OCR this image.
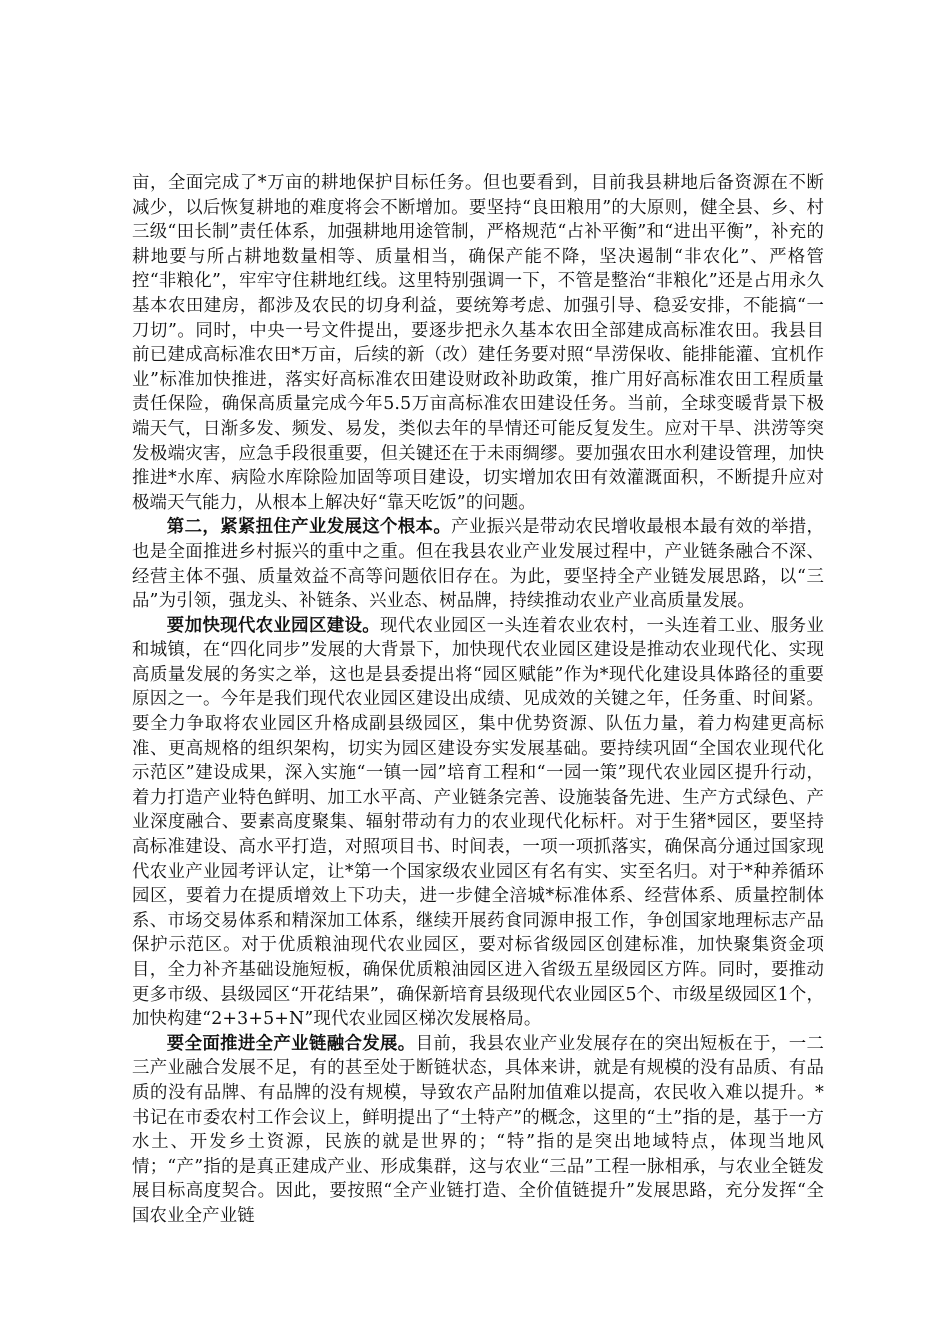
亩，全面完成了*万亩的耕地保护目标任务。但也要看到，目前我县耕地后备资源在不断减少，以后恢复耕地的难度将会不断增加。要坚持“良田粮用”的大原则，健全县、乡、村三级“田长制”责任体系，加强耕地用途管制，严格规范“占补平衡”和“进出平衡”，补充的耕地要与所占耕地数量相等、质量相当，确保产能不降，坚决遏制“非农化”、严格管控“非粮化”，牢牢守住耕地红线。这里特别强调一下，不管是整治“非粮化”还是占用永久基本农田建房，都涉及农民的切身利益，要统筹考虑、加强引导、稳妥安排，不能搞“一刀切”。同时，中央一号文件提出，要逐步把永久基本农田全部建成高标准农田。我县目前已建成高标准农田*万亩，后续的新（改）建任务要对照“旱涝保收、能排能灌、宜机作业”标准加快推进，落实好高标准农田建设财政补助政策，推广用好高标准农田工程质量责任保险，确保高质量完成今年5.5万亩高标准农田建设任务。当前，全球变暖背景下极端天气，日渐多发、频发、易发，类似去年的旱情还可能反复发生。应对干旱、洪涝等突发极端灾害，应急手段很重要，但关键还在于未雨绸缪。要加强农田水利建设管理，加快推进*水库、病险水库除险加固等项目建设，切实增加农田有效灌溉面积，不断提升应对极端天气能力，从根本上解决好“靠天吃饭”的问题。

第二，紧紧扭住产业发展这个根本。产业振兴是带动农民增收最根本最有效的举措，也是全面推进乡村振兴的重中之重。但在我县农业产业发展过程中，产业链条融合不深、经营主体不强、质量效益不高等问题依旧存在。为此，要坚持全产业链发展思路，以“三品”为引领，强龙头、补链条、兴业态、树品牌，持续推动农业产业高质量发展。

要加快现代农业园区建设。现代农业园区一头连着农业农村，一头连着工业、服务业和城镇，在“四化同步”发展的大背景下，加快现代农业园区建设是推动农业现代化、实现高质量发展的务实之举，这也是县委提出将“园区赋能”作为*现代化建设具体路径的重要原因之一。今年是我们现代农业园区建设出成绩、见成效的关键之年，任务重、时间紧。要全力争取将农业园区升格成副县级园区，集中优势资源、队伍力量，着力构建更高标准、更高规格的组织架构，切实为园区建设夯实发展基础。要持续巩固“全国农业现代化示范区”建设成果，深入实施“一镇一园”培育工程和“一园一策”现代农业园区提升行动，着力打造产业特色鲜明、加工水平高、产业链条完善、设施装备先进、生产方式绿色、产业深度融合、要素高度聚集、辐射带动有力的农业现代化标杆。对于生猪*园区，要坚持高标准建设、高水平打造，对照项目书、时间表，一项一项抓落实，确保高分通过国家现代农业产业园考评认定，让*第一个国家级农业园区有名有实、实至名归。对于*种养循环园区，要着力在提质增效上下功夫，进一步健全涪城*标准体系、经营体系、质量控制体系、市场交易体系和精深加工体系，继续开展药食同源申报工作，争创国家地理标志产品保护示范区。对于优质粮油现代农业园区，要对标省级园区创建标准，加快聚集资金项目，全力补齐基础设施短板，确保优质粮油园区进入省级五星级园区方阵。同时，要推动更多市级、县级园区“开花结果”，确保新培育县级现代农业园区5个、市级星级园区1个，加快构建“2+3+5+N”现代农业园区梯次发展格局。

要全面推进全产业链融合发展。目前，我县农业产业发展存在的突出短板在于，一二三产业融合发展不足，有的甚至处于断链状态，具体来讲，就是有规模的没有品质、有品质的没有品牌、有品牌的没有规模，导致农产品附加值难以提高，农民收入难以提升。*书记在市委农村工作会议上，鲜明提出了“土特产”的概念，这里的“土”指的是，基于一方水土、开发乡土资源，民族的就是世界的；“特”指的是突出地域特点，体现当地风情；“产”指的是真正建成产业、形成集群，这与农业“三品”工程一脉相承，与农业全链发展目标高度契合。因此，要按照“全产业链打造、全价值链提升”发展思路，充分发挥“全国农业全产业链
